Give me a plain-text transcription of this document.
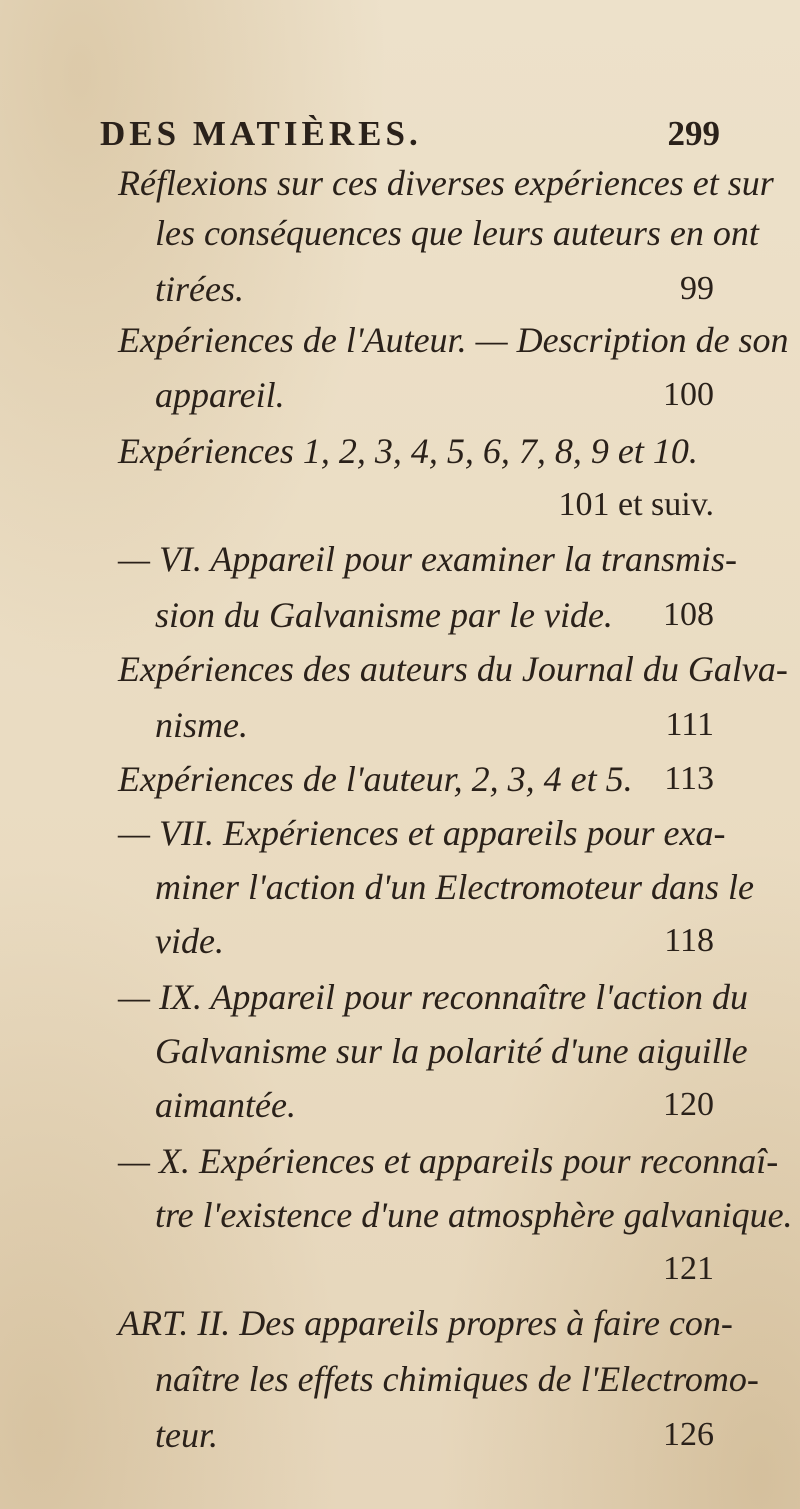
DES MATIÈRES.	299
Réflexions sur ces diverses expériences et sur
les conséquences que leurs auteurs en ont
tirées.	99
Expériences de l'Auteur. — Description de son
appareil.	100
Expériences 1, 2, 3, 4, 5, 6, 7, 8, 9 et 10.
101 et suiv.
— VI. Appareil pour examiner la transmis-
sion du Galvanisme par le vide.	108
Expériences des auteurs du Journal du Galva-
nisme.	111
Expériences de l'auteur, 2, 3, 4 et 5. 113
— VII. Expériences et appareils pour exa-
miner l'action d'un Electromoteur dans le
vide.	118
— IX. Appareil pour reconnaître l'action du
Galvanisme sur la polarité d'une aiguille
aimantée.	120
— X. Expériences et appareils pour reconnaî-
tre l'existence d'une atmosphère galvanique.
121
ART. II. Des appareils propres à faire con-
naître les effets chimiques de l'Electromo-
teur.	126
